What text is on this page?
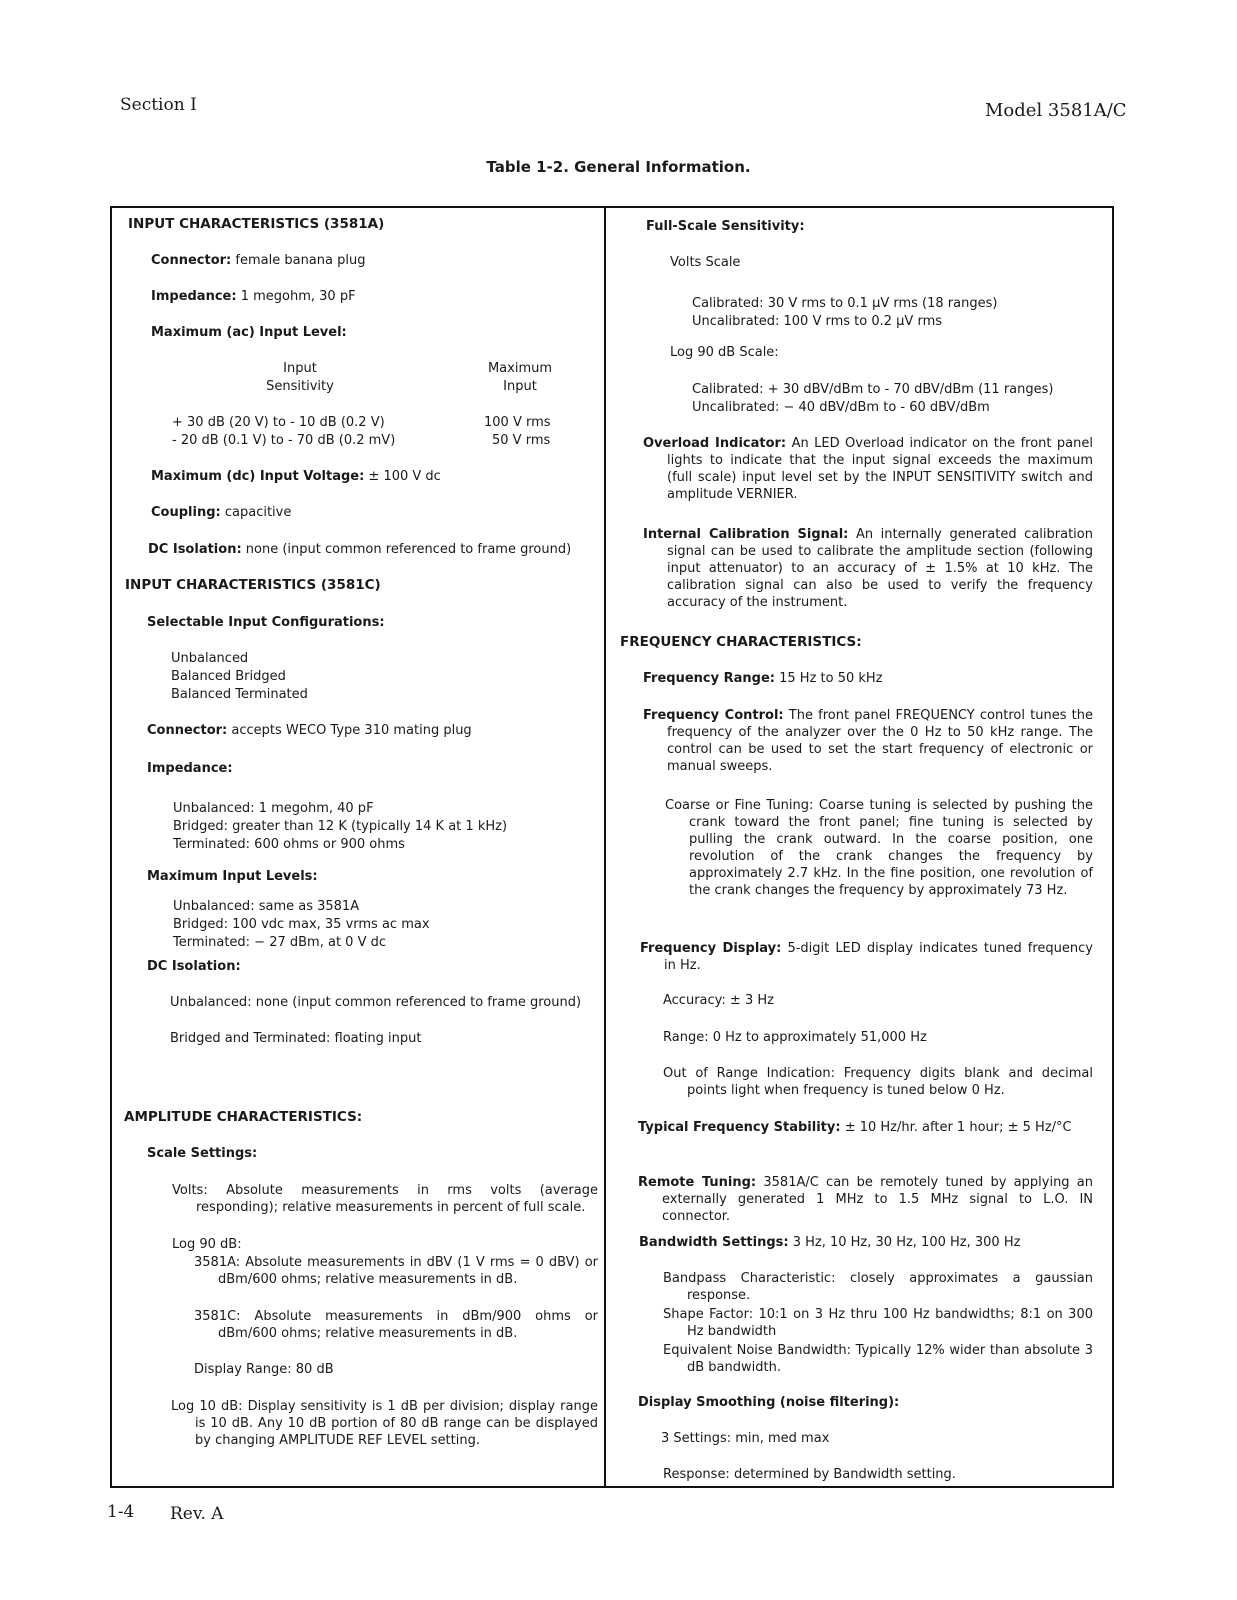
Section I	Model 3581A/C
Table 1-2. General Information.
INPUT CHARACTERISTICS (3581A)
Connector: female banana plug
Impedance: 1 megohm, 30 pF
Maximum (ac) Input Level:
Input
Sensitivity
Maximum
Input
+ 30 dB (20 V) to - 10 dB (0.2 V)	100 V rms
- 20 dB (0.1 V) to - 70 dB (0.2 mV)	50 V rms
Maximum (dc) Input Voltage: ± 100 V dc
Coupling: capacitive
DC Isolation: none (input common referenced to frame ground)
INPUT CHARACTERISTICS (3581C)
Selectable Input Configurations:
Unbalanced
Balanced Bridged
Balanced Terminated
Connector: accepts WECO Type 310 mating plug
Impedance:
Unbalanced: 1 megohm, 40 pF
Bridged: greater than 12 K (typically 14 K at 1 kHz)
Terminated: 600 ohms or 900 ohms
Maximum Input Levels:
Unbalanced: same as 3581A
Bridged: 100 vdc max, 35 vrms ac max
Terminated: − 27 dBm, at 0 V dc
DC Isolation:
Unbalanced: none (input common referenced to frame ground)
Bridged and Terminated: floating input
AMPLITUDE CHARACTERISTICS:
Scale Settings:
Volts: Absolute measurements in rms volts (average responding); relative measurements in percent of full scale.
Log 90 dB:
3581A: Absolute measurements in dBV (1 V rms = 0 dBV) or dBm/600 ohms; relative measurements in dB.
3581C: Absolute measurements in dBm/900 ohms or dBm/600 ohms; relative measurements in dB.
Display Range: 80 dB
Log 10 dB: Display sensitivity is 1 dB per division; display range is 10 dB. Any 10 dB portion of 80 dB range can be displayed by changing AMPLITUDE REF LEVEL setting.
Full-Scale Sensitivity:
Volts Scale
Calibrated: 30 V rms to 0.1 μV rms (18 ranges)
Uncalibrated: 100 V rms to 0.2 μV rms
Log 90 dB Scale:
Calibrated: + 30 dBV/dBm to - 70 dBV/dBm (11 ranges)
Uncalibrated: − 40 dBV/dBm to - 60 dBV/dBm
Overload Indicator: An LED Overload indicator on the front panel lights to indicate that the input signal exceeds the maximum (full scale) input level set by the INPUT SENSITIVITY switch and amplitude VERNIER.
Internal Calibration Signal: An internally generated calibration signal can be used to calibrate the amplitude section (following input attenuator) to an accuracy of ± 1.5% at 10 kHz. The calibration signal can also be used to verify the frequency accuracy of the instrument.
FREQUENCY CHARACTERISTICS:
Frequency Range: 15 Hz to 50 kHz
Frequency Control: The front panel FREQUENCY control tunes the frequency of the analyzer over the 0 Hz to 50 kHz range. The control can be used to set the start frequency of electronic or manual sweeps.
Coarse or Fine Tuning: Coarse tuning is selected by pushing the crank toward the front panel; fine tuning is selected by pulling the crank outward. In the coarse position, one revolution of the crank changes the frequency by approximately 2.7 kHz. In the fine position, one revolution of the crank changes the frequency by approximately 73 Hz.
Frequency Display: 5-digit LED display indicates tuned frequency in Hz.
Accuracy: ± 3 Hz
Range: 0 Hz to approximately 51,000 Hz
Out of Range Indication: Frequency digits blank and decimal points light when frequency is tuned below 0 Hz.
Typical Frequency Stability: ± 10 Hz/hr. after 1 hour; ± 5 Hz/°C
Remote Tuning: 3581A/C can be remotely tuned by applying an externally generated 1 MHz to 1.5 MHz signal to L.O. IN connector.
Bandwidth Settings: 3 Hz, 10 Hz, 30 Hz, 100 Hz, 300 Hz
Bandpass Characteristic: closely approximates a gaussian response.
Shape Factor: 10:1 on 3 Hz thru 100 Hz bandwidths; 8:1 on 300 Hz bandwidth
Equivalent Noise Bandwidth: Typically 12% wider than absolute 3 dB bandwidth.
Display Smoothing (noise filtering):
3 Settings: min, med max
Response: determined by Bandwidth setting.
1-4 Rev. A
